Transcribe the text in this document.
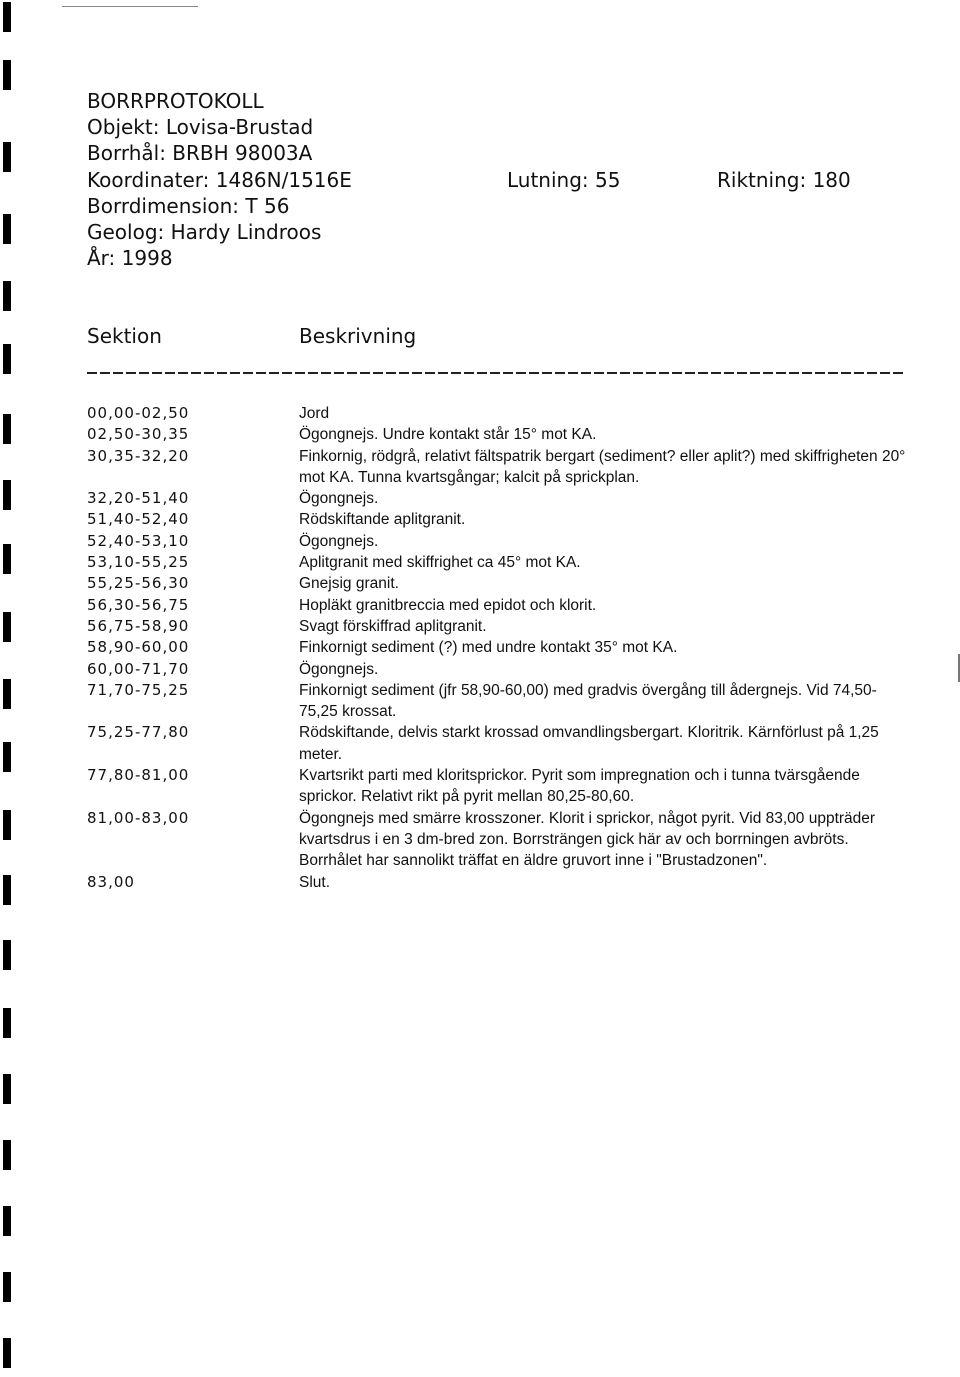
BORRPROTOKOLL
Objekt: Lovisa-Brustad
Borrhål: BRBH 98003A
Koordinater: 1486N/1516E	Lutning: 55	Riktning: 180
Borrdimension: T 56
Geolog: Hardy Lindroos
År: 1998
Sektion	Beskrivning
00,00-02,50	Jord
02,50-30,35	Ögongnejs. Undre kontakt står 15° mot KA.
30,35-32,20	Finkornig, rödgrå, relativt fältspatrik bergart (sediment? eller aplit?) med skiffrigheten 20° mot KA. Tunna kvartsgångar; kalcit på sprickplan.
32,20-51,40	Ögongnejs.
51,40-52,40	Rödskiftande aplitgranit.
52,40-53,10	Ögongnejs.
53,10-55,25	Aplitgranit med skiffrighet ca 45° mot KA.
55,25-56,30	Gnejsig granit.
56,30-56,75	Hopläkt granitbreccia med epidot och klorit.
56,75-58,90	Svagt förskiffrad aplitgranit.
58,90-60,00	Finkornigt sediment (?) med undre kontakt 35° mot KA.
60,00-71,70	Ögongnejs.
71,70-75,25	Finkornigt sediment (jfr 58,90-60,00) med gradvis övergång till ådergnejs. Vid 74,50-75,25 krossat.
75,25-77,80	Rödskiftande, delvis starkt krossad omvandlingsbergart. Kloritrik. Kärnförlust på 1,25 meter.
77,80-81,00	Kvartsrikt parti med kloritsprickor. Pyrit som impregnation och i tunna tvärsgående sprickor. Relativt rikt på pyrit mellan 80,25-80,60.
81,00-83,00	Ögongnejs med smärre krosszoner. Klorit i sprickor, något pyrit. Vid 83,00 uppträder kvartsdrus i en 3 dm-bred zon. Borrsträngen gick här av och borrningen avbröts. Borrhålet har sannolikt träffat en äldre gruvort inne i "Brustadzonen".
83,00	Slut.
